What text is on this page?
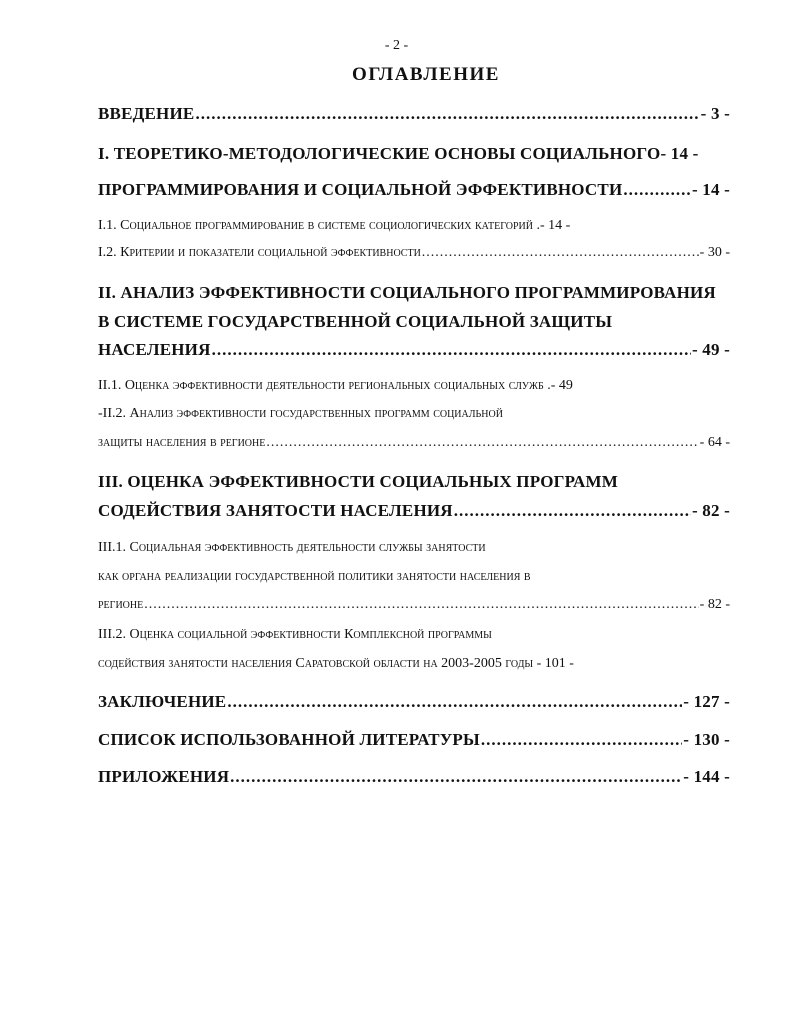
- 2 -
ОГЛАВЛЕНИЕ
ВВЕДЕНИЕ .....	- 3 -
I. ТЕОРЕТИКО-МЕТОДОЛОГИЧЕСКИЕ ОСНОВЫ СОЦИАЛЬНОГО- 14 -
ПРОГРАММИРОВАНИЯ И СОЦИАЛЬНОЙ ЭФФЕКТИВНОСТИ .....	- 14 -
I.1. Социальное программирование в системе социологических категорий . - 14 -
I.2. Критерии и показатели социальной эффективности .....	- 30 -
II. АНАЛИЗ ЭФФЕКТИВНОСТИ СОЦИАЛЬНОГО ПРОГРАММИРОВАНИЯ
В СИСТЕМЕ ГОСУДАРСТВЕННОЙ СОЦИАЛЬНОЙ ЗАЩИТЫ
НАСЕЛЕНИЯ .....	- 49 -
II.1. Оценка эффективности деятельности региональных социальных служб .- 49
-II.2. Анализ эффективности государственных программ социальной
защиты населения в регионе .....	- 64 -
III. ОЦЕНКА ЭФФЕКТИВНОСТИ СОЦИАЛЬНЫХ ПРОГРАММ
СОДЕЙСТВИЯ ЗАНЯТОСТИ НАСЕЛЕНИЯ .....	- 82 -
III.1. Социальная эффективность деятельности службы занятости
как органа реализации государственной политики занятости населения в
регионе .....	- 82 -
III.2. Оценка социальной эффективности Комплексной программы
содействия занятости населения Саратовской области на 2003-2005 годы - 101 -
ЗАКЛЮЧЕНИЕ .....	- 127 -
СПИСОК ИСПОЛЬЗОВАННОЙ ЛИТЕРАТУРЫ .....	- 130 -
ПРИЛОЖЕНИЯ .....	- 144 -
